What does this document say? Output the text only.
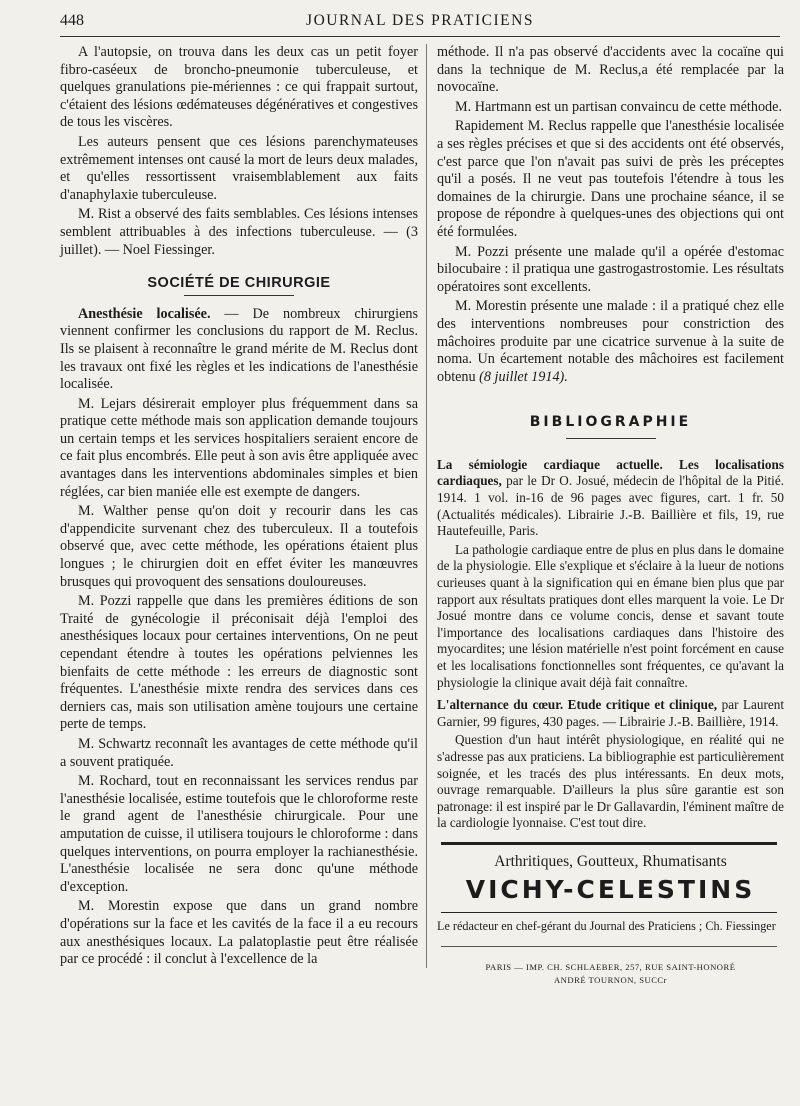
448	JOURNAL DES PRATICIENS

A l'autopsie, on trouva dans les deux cas un petit foyer fibro-caséeux de broncho-pneumonie tuberculeuse, et quelques granulations pie-mériennes : ce qui frappait surtout, c'étaient des lésions œdémateuses dégénératives et congestives de tous les viscères.

Les auteurs pensent que ces lésions parenchymateuses extrêmement intenses ont causé la mort de leurs deux malades, et qu'elles ressortissent vraisemblablement aux faits d'anaphylaxie tuberculeuse.

M. Rist a observé des faits semblables. Ces lésions intenses semblent attribuables à des infections tuberculeuse. — (3 juillet). — Noel Fiessinger.

SOCIÉTÉ DE CHIRURGIE

Anesthésie localisée. — De nombreux chirurgiens viennent confirmer les conclusions du rapport de M. Reclus. Ils se plaisent à reconnaître le grand mérite de M. Reclus dont les travaux ont fixé les règles et les indications de l'anesthésie localisée.

M. Lejars désirerait employer plus fréquemment dans sa pratique cette méthode mais son application demande toujours un certain temps et les services hospitaliers seraient encore de ce fait plus encombrés. Elle peut à son avis être appliquée avec avantages dans les interventions abdominales simples et bien réglées, car bien maniée elle est exempte de dangers.

M. Walther pense qu'on doit y recourir dans les cas d'appendicite survenant chez des tuberculeux. Il a toutefois observé que, avec cette méthode, les opérations étaient plus longues ; le chirurgien doit en effet éviter les manœuvres brusques qui provoquent des sensations douloureuses.

M. Pozzi rappelle que dans les premières éditions de son Traité de gynécologie il préconisait déjà l'emploi des anesthésiques locaux pour certaines interventions, On ne peut cependant étendre à toutes les opérations pelviennes les bienfaits de cette méthode : les erreurs de diagnostic sont fréquentes. L'anesthésie mixte rendra des services dans ces derniers cas, mais son utilisation amène toujours une certaine perte de temps.

M. Schwartz reconnaît les avantages de cette méthode qu'il a souvent pratiquée.

M. Rochard, tout en reconnaissant les services rendus par l'anesthésie localisée, estime toutefois que le chloroforme reste le grand agent de l'anesthésie chirurgicale. Pour une amputation de cuisse, il utilisera toujours le chloroforme : dans quelques interventions, on pourra employer la rachianesthésie. L'anesthésie localisée ne sera donc qu'une méthode d'exception.

M. Morestin expose que dans un grand nombre d'opérations sur la face et les cavités de la face il a eu recours aux anesthésiques locaux. La palatoplastie peut être réalisée par ce procédé : il conclut à l'excellence de la

méthode. Il n'a pas observé d'accidents avec la cocaïne qui dans la technique de M. Reclus,a été remplacée par la novocaïne.

M. Hartmann est un partisan convaincu de cette méthode.

Rapidement M. Reclus rappelle que l'anesthésie localisée a ses règles précises et que si des accidents ont été observés, c'est parce que l'on n'avait pas suivi de près les préceptes qu'il a posés. Il ne veut pas toutefois l'étendre à tous les domaines de la chirurgie. Dans une prochaine séance, il se propose de répondre à quelques-unes des objections qui ont été formulées.

M. Pozzi présente une malade qu'il a opérée d'estomac bilocubaire : il pratiqua une gastrogastrostomie. Les résultats opératoires sont excellents.

M. Morestin présente une malade : il a pratiqué chez elle des interventions nombreuses pour constriction des mâchoires produite par une cicatrice survenue à la suite de noma. Un écartement notable des mâchoires est facilement obtenu (8 juillet 1914).

BIBLIOGRAPHIE

La sémiologie cardiaque actuelle. Les localisations cardiaques, par le Dr O. Josué, médecin de l'hôpital de la Pitié. 1914. 1 vol. in-16 de 96 pages avec figures, cart. 1 fr. 50 (Actualités médicales). Librairie J.-B. Baillière et fils, 19, rue Hautefeuille, Paris.

La pathologie cardiaque entre de plus en plus dans le domaine de la physiologie. Elle s'explique et s'éclaire à la lueur de notions curieuses quant à la signification qui en émane bien plus que par rapport aux résultats pratiques dont elles marquent la voie. Le Dr Josué montre dans ce volume concis, dense et savant toute l'importance des localisations cardiaques dans l'histoire des myocardites; une lésion matérielle n'est point forcément en cause et les localisations fonctionnelles sont fréquentes, ce qu'avant la physiologie la clinique avait déjà fait connaître.

L'alternance du cœur. Etude critique et clinique, par Laurent Garnier, 99 figures, 430 pages. — Librairie J.-B. Baillière, 1914.

Question d'un haut intérêt physiologique, en réalité qui ne s'adresse pas aux praticiens. La bibliographie est particulièrement soignée, et les tracés des plus intéressants. En deux mots, ouvrage remarquable. D'ailleurs la plus sûre garantie est son patronage: il est inspiré par le Dr Gallavardin, l'éminent maître de la cardiologie lyonnaise. C'est tout dire.

Arthritiques, Goutteux, Rhumatisants
VICHY-CELESTINS
Le rédacteur en chef-gérant du Journal des Praticiens ; Ch. Fiessinger
PARIS — IMP. CH. SCHLAEBER, 257, RUE SAINT-HONORÉ
ANDRÉ TOURNON, SUCCr
